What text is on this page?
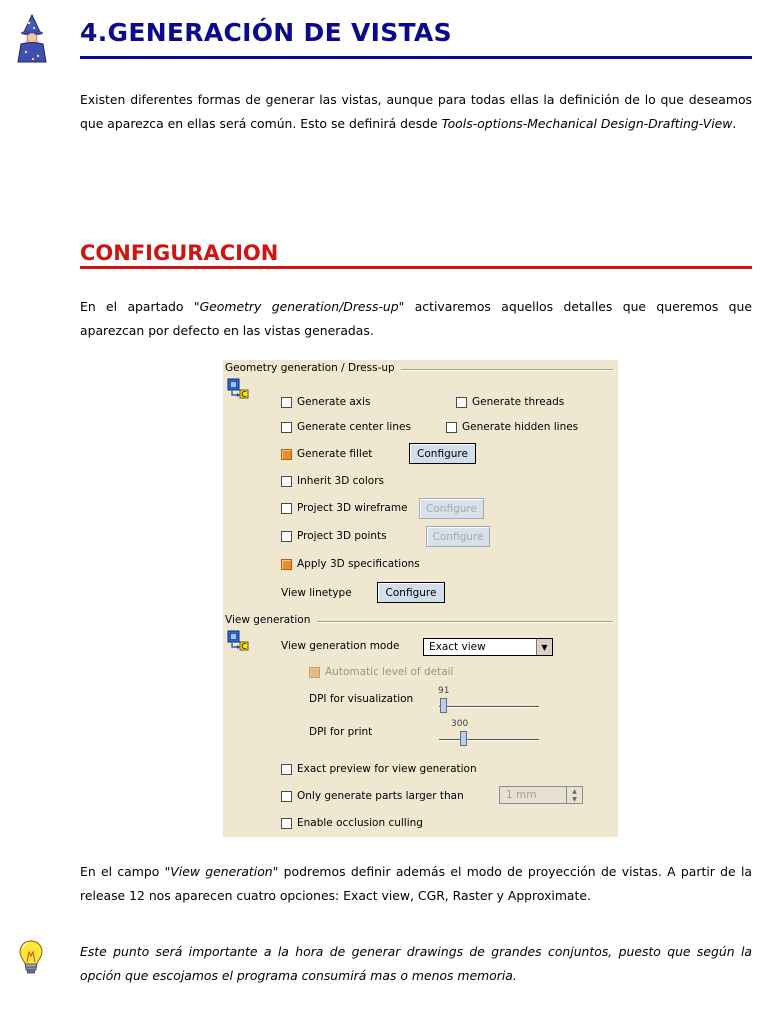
4.GENERACIÓN DE VISTAS
Existen diferentes formas de generar las vistas, aunque para todas ellas la definición de lo que deseamos que aparezca en ellas será común. Esto se definirá desde Tools-options-Mechanical Design-Drafting-View.
CONFIGURACION
En el apartado "Geometry generation/Dress-up" activaremos aquellos detalles que queremos que aparezcan por defecto en las vistas generadas.
Geometry generation / Dress-up
c
Generate axis	Generate threads
Generate center lines	Generate hidden lines
Generate fillet	Configure
Inherit 3D colors
Project 3D wireframe Configure
Project 3D points	Configure
Apply 3D specifications
View linetype	Configure
View generation
c	View generation mode	Exact view	▼
Automatic level of detail
DPI for visualization
91
DPI for print
300
Exact preview for view generation
Only generate parts larger than	1 mm	▲
▼
Enable occlusion culling
En el campo "View generation" podremos definir además el modo de proyección de vistas. A partir de la release 12 nos aparecen cuatro opciones: Exact view, CGR, Raster y Approximate.
Este punto será importante a la hora de generar drawings de grandes conjuntos, puesto que según la opción que escojamos el programa consumirá mas o menos memoria.
